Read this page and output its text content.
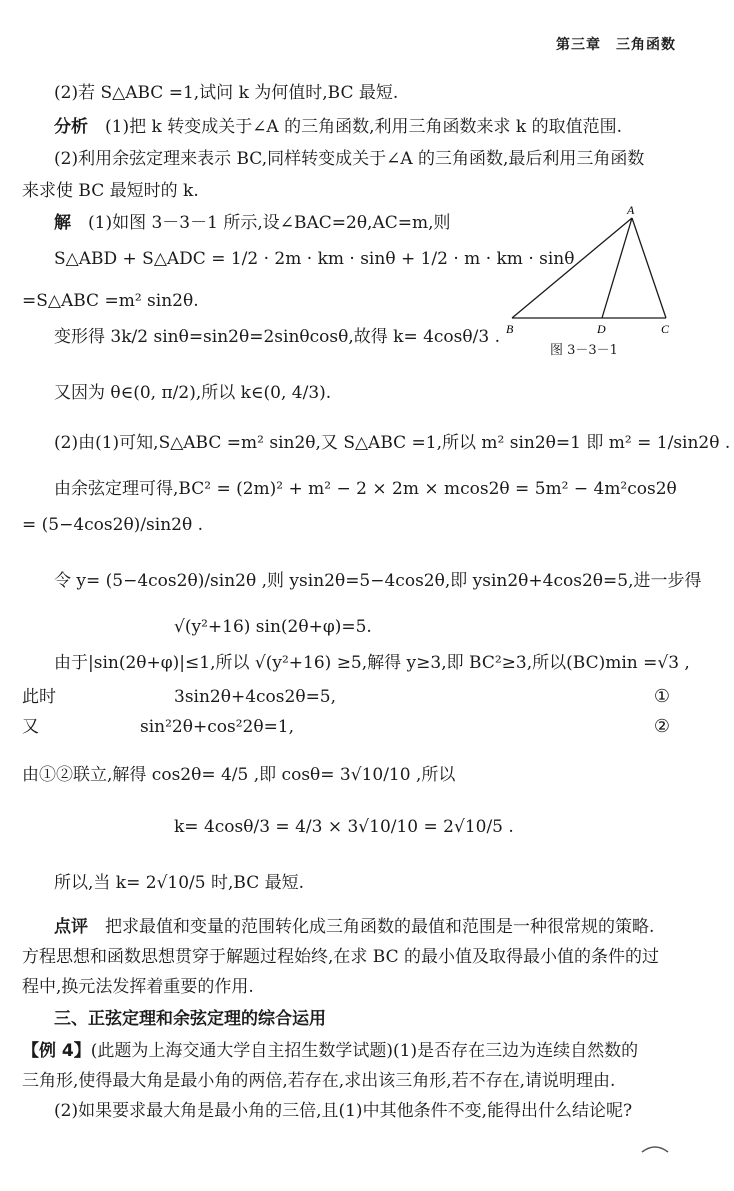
第三章　三角函数
(2)若 S△ABC =1,试问 k 为何值时,BC 最短.
分析　 (1)把 k 转变成关于∠A 的三角函数,利用三角函数来求 k 的取值范围.
(2)利用余弦定理来表示 BC,同样转变成关于∠A 的三角函数,最后利用三角函数
来求使 BC 最短时的 k.
解　 (1)如图 3－3－1 所示,设∠BAC=2θ,AC=m,则
S△ABD + S△ADC = 1/2 · 2m · km · sinθ + 1/2 · m · km · sinθ
=S△ABC =m² sin2θ.
变形得 3k/2 sinθ=sin2θ=2sinθcosθ,故得 k= 4cosθ/3 .
又因为 θ∈(0, π/2),所以 k∈(0, 4/3).
(2)由(1)可知,S△ABC =m² sin2θ,又 S△ABC =1,所以 m² sin2θ=1 即 m² = 1/sin2θ .
由余弦定理可得,BC² = (2m)² + m² − 2 × 2m × mcos2θ = 5m² − 4m²cos2θ
= (5−4cos2θ)/sin2θ .
令 y= (5−4cos2θ)/sin2θ ,则 ysin2θ=5−4cos2θ,即 ysin2θ+4cos2θ=5,进一步得
√(y²+16) sin(2θ+φ)=5.
由于|sin(2θ+φ)|≤1,所以 √(y²+16) ≥5,解得 y≥3,即 BC²≥3,所以(BC)min =√3 ,
此时	3sin2θ+4cos2θ=5,	①
又	sin²2θ+cos²2θ=1,	②
由①②联立,解得 cos2θ= 4/5 ,即 cosθ= 3√10/10 ,所以
k= 4cosθ/3 = 4/3 × 3√10/10 = 2√10/5 .
所以,当 k= 2√10/5 时,BC 最短.
点评　 把求最值和变量的范围转化成三角函数的最值和范围是一种很常规的策略.
方程思想和函数思想贯穿于解题过程始终,在求 BC 的最小值及取得最小值的条件的过
程中,换元法发挥着重要的作用.
三、正弦定理和余弦定理的综合运用
【例 4】(此题为上海交通大学自主招生数学试题)(1)是否存在三边为连续自然数的
三角形,使得最大角是最小角的两倍,若存在,求出该三角形,若不存在,请说明理由.
(2)如果要求最大角是最小角的三倍,且(1)中其他条件不变,能得出什么结论呢?
A
B	D	C
图 3－3－1
